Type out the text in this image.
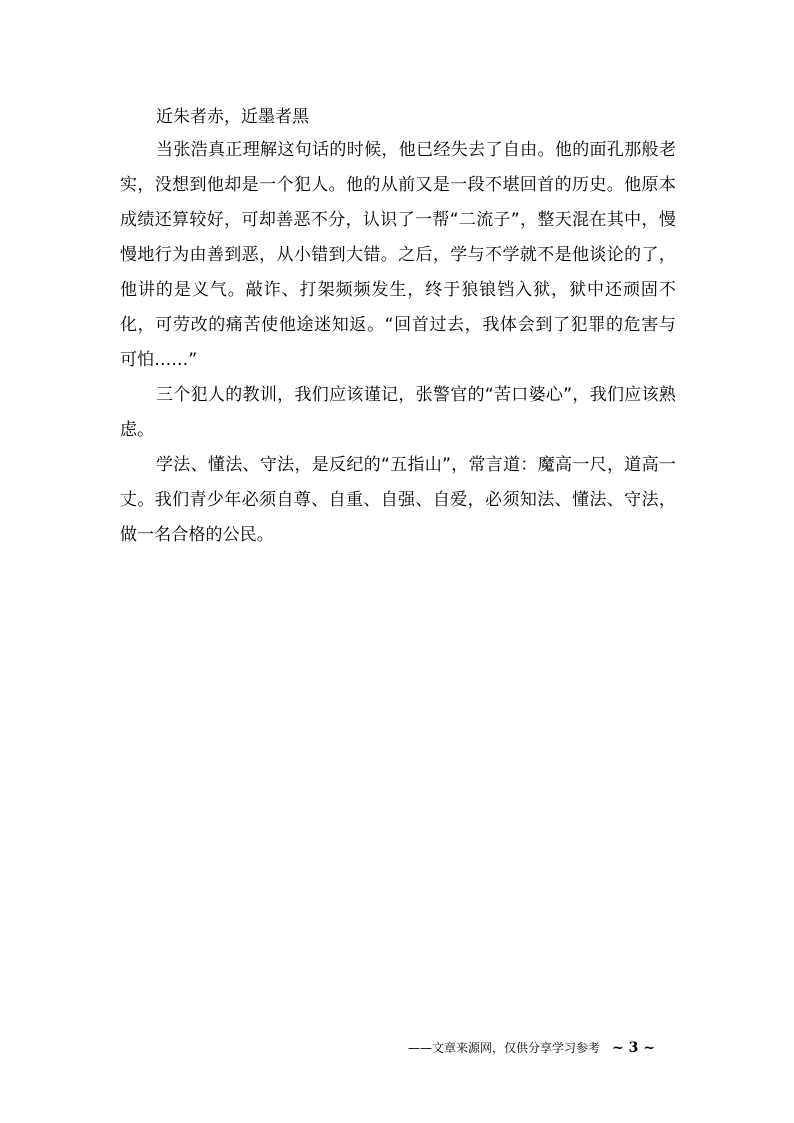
近朱者赤，近墨者黑

当张浩真正理解这句话的时候，他已经失去了自由。他的面孔那般老实，没想到他却是一个犯人。他的从前又是一段不堪回首的历史。他原本成绩还算较好，可却善恶不分，认识了一帮“二流子”，整天混在其中，慢慢地行为由善到恶，从小错到大错。之后，学与不学就不是他谈论的了，他讲的是义气。敲诈、打架频频发生，终于狼锒铛入狱，狱中还顽固不化，可劳改的痛苦使他途迷知返。“回首过去，我体会到了犯罪的危害与可怕……”

三个犯人的教训，我们应该谨记，张警官的“苦口婆心”，我们应该熟虑。

学法、懂法、守法，是反纪的“五指山”，常言道：魔高一尺，道高一丈。我们青少年必须自尊、自重、自强、自爱，必须知法、懂法、守法，做一名合格的公民。

——文章来源网，仅供分享学习参考 ~ 3 ~
